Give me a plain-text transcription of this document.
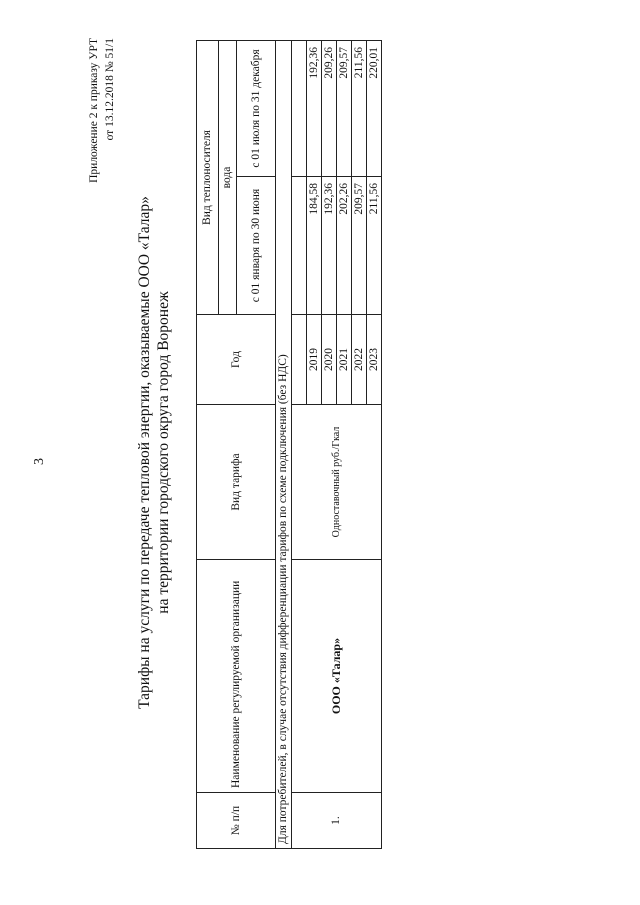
3
Приложение 2 к приказу УРТ от 13.12.2018 № 51/1
Тарифы на услуги по передаче тепловой энергии, оказываемые ООО «Талар» на территории городского округа город Воронеж
№ п/п	Наименование регулируемой организации	Вид тарифа	Год	Вид теплоносителя	
				вода	
				с 01 января по 30 июня	с 01 июля по 31 декабря
Для потребителей, в случае отсутствия дифференциации тарифов по схеме подключения (без НДС)					
1.	ООО «Талар»	Одноставочный руб./Гкал			
			2019	184,58	192,36
			2020	192,36	209,26
			2021	202,26	209,57
			2022	209,57	211,56
			2023	211,56	220,01
